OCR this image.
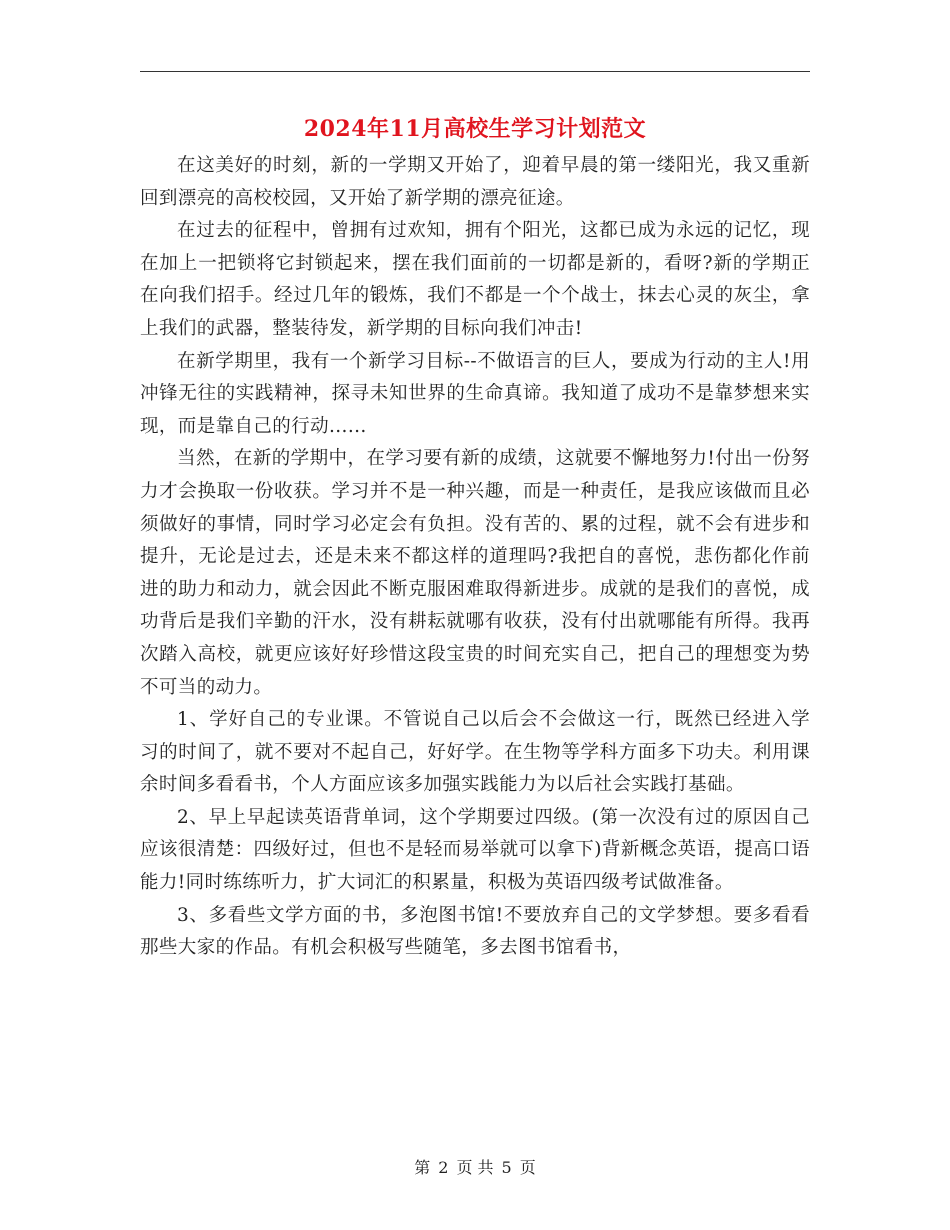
2024年11月高校生学习计划范文

在这美好的时刻，新的一学期又开始了，迎着早晨的第一缕阳光，我又重新回到漂亮的高校校园，又开始了新学期的漂亮征途。

在过去的征程中，曾拥有过欢知，拥有个阳光，这都已成为永远的记忆，现在加上一把锁将它封锁起来，摆在我们面前的一切都是新的，看呀?新的学期正在向我们招手。经过几年的锻炼，我们不都是一个个战士，抹去心灵的灰尘，拿上我们的武器，整装待发，新学期的目标向我们冲击!

在新学期里，我有一个新学习目标--不做语言的巨人，要成为行动的主人!用冲锋无往的实践精神，探寻未知世界的生命真谛。我知道了成功不是靠梦想来实现，而是靠自己的行动......

当然，在新的学期中，在学习要有新的成绩，这就要不懈地努力!付出一份努力才会换取一份收获。学习并不是一种兴趣，而是一种责任，是我应该做而且必须做好的事情，同时学习必定会有负担。没有苦的、累的过程，就不会有进步和提升，无论是过去，还是未来不都这样的道理吗?我把自的喜悦，悲伤都化作前进的助力和动力，就会因此不断克服困难取得新进步。成就的是我们的喜悦，成功背后是我们辛勤的汗水，没有耕耘就哪有收获，没有付出就哪能有所得。我再次踏入高校，就更应该好好珍惜这段宝贵的时间充实自己，把自己的理想变为势不可当的动力。

1、学好自己的专业课。不管说自己以后会不会做这一行，既然已经进入学习的时间了，就不要对不起自己，好好学。在生物等学科方面多下功夫。利用课余时间多看看书，个人方面应该多加强实践能力为以后社会实践打基础。

2、早上早起读英语背单词，这个学期要过四级。(第一次没有过的原因自己应该很清楚：四级好过，但也不是轻而易举就可以拿下)背新概念英语，提高口语能力!同时练练听力，扩大词汇的积累量，积极为英语四级考试做准备。

3、多看些文学方面的书，多泡图书馆!不要放弃自己的文学梦想。要多看看那些大家的作品。有机会积极写些随笔，多去图书馆看书，

第 2 页 共 5 页
